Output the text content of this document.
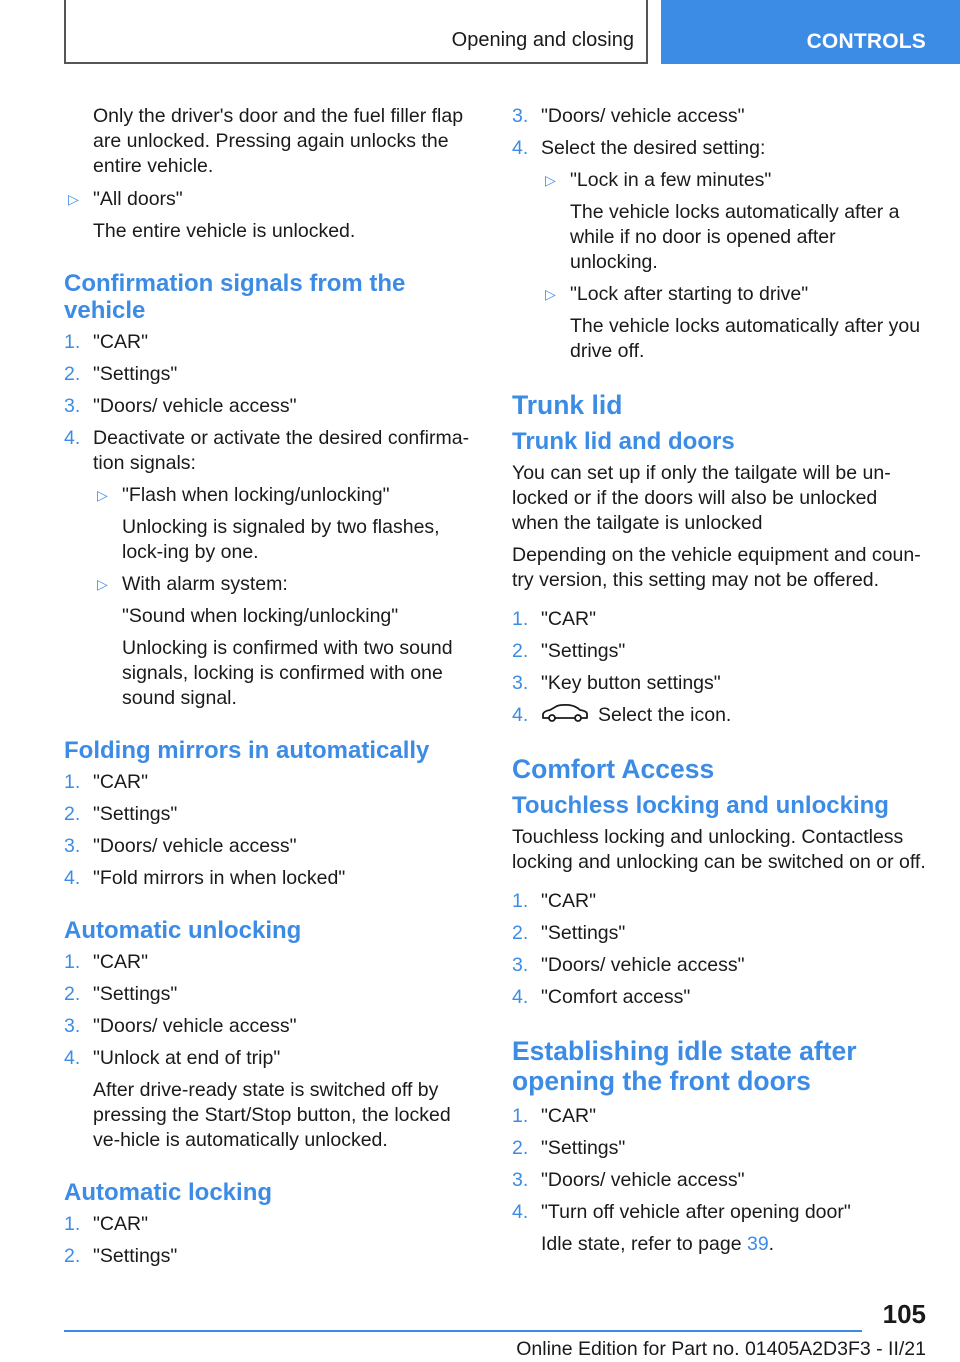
Opening and closing	CONTROLS

Only the driver's door and the fuel filler flap are unlocked. Pressing again unlocks the entire vehicle.

▷ "All doors"

The entire vehicle is unlocked.

Confirmation signals from the vehicle
1. "CAR"
2. "Settings"
3. "Doors/ vehicle access"
4. Deactivate or activate the desired confirma-tion signals:
▷ "Flash when locking/unlocking"

Unlocking is signaled by two flashes, lock-ing by one.

▷ With alarm system:

"Sound when locking/unlocking"

Unlocking is confirmed with two sound signals, locking is confirmed with one sound signal.

Folding mirrors in automatically
1. "CAR"
2. "Settings"
3. "Doors/ vehicle access"
4. "Fold mirrors in when locked"
Automatic unlocking
1. "CAR"
2. "Settings"
3. "Doors/ vehicle access"
4. "Unlock at end of trip"

After drive-ready state is switched off by pressing the Start/Stop button, the locked ve-hicle is automatically unlocked.

Automatic locking
1. "CAR"
2. "Settings"
3. "Doors/ vehicle access"
4. Select the desired setting:
▷ "Lock in a few minutes"

The vehicle locks automatically after a while if no door is opened after unlocking.

▷ "Lock after starting to drive"

The vehicle locks automatically after you drive off.

Trunk lid
Trunk lid and doors

You can set up if only the tailgate will be un-locked or if the doors will also be unlocked when the tailgate is unlocked

Depending on the vehicle equipment and coun-try version, this setting may not be offered.

1. "CAR"
2. "Settings"
3. "Key button settings"
4.	Select the icon.
Comfort Access
Touchless locking and unlocking

Touchless locking and unlocking. Contactless locking and unlocking can be switched on or off.

1. "CAR"
2. "Settings"
3. "Doors/ vehicle access"
4. "Comfort access"
Establishing idle state after opening the front doors
1. "CAR"
2. "Settings"
3. "Doors/ vehicle access"
4. "Turn off vehicle after opening door"

Idle state, refer to page 39.

105
Online Edition for Part no. 01405A2D3F3 - II/21
